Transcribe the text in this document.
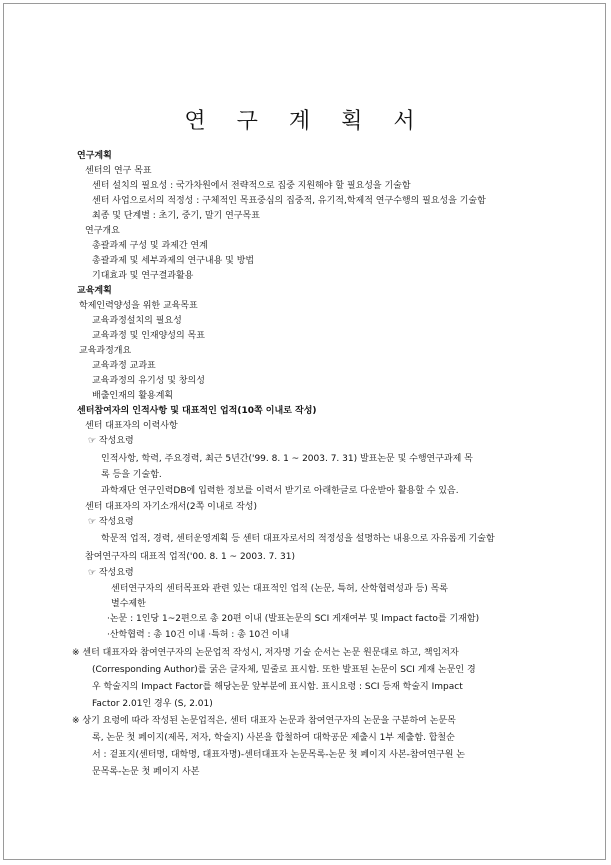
연 구 계 획 서
연구계획
센터의 연구 목표
센터 설치의 필요성 : 국가차원에서 전략적으로 집중 지원해야 할 필요성을 기술함
센터 사업으로서의 적정성 : 구체적인 목표중심의 집중적, 유기적,학제적 연구수행의 필요성을 기술함
최종 및 단계별 : 초기, 중기, 말기 연구목표
연구개요
총괄과제 구성 및 과제간 연계
총괄과제 및 세부과제의 연구내용 및 방법
기대효과 및 연구결과활용
교육계획
학제인력양성을 위한 교육목표
교육과정설치의 필요성
교육과정 및 인재양성의 목표
교육과정개요
교육과정 교과표
교육과정의 유기성 및 창의성
배출인재의 활용계획
센터참여자의 인적사항 및 대표적인 업적(10쪽 이내로 작성)
센터 대표자의 이력사항
☞ 작성요령
인적사항, 학력, 주요경력, 최근 5년간('99. 8. 1 ~ 2003. 7. 31) 발표논문 및 수행연구과제 목
록 등을 기술함.
과학재단 연구인력DB에 입력한 정보를 이력서 받기로 아래한글로 다운받아 활용할 수 있음.
센터 대표자의 자기소개서(2쪽 이내로 작성)
☞ 작성요령
학문적 업적, 경력, 센터운영계획 등 센터 대표자로서의 적정성을 설명하는 내용으로 자유롭게 기술함
참여연구자의 대표적 업적('00. 8. 1 ~ 2003. 7. 31)
☞ 작성요령
센터연구자의 센터목표와 관련 있는 대표적인 업적 (논문, 특허, 산학협력성과 등) 목록
별수제한
·논문 : 1인당 1~2편으로 총 20편 이내 (발표논문의 SCI 게재여부 및 Impact facto를 기재함)
·산학협력 : 총 10건 이내 ·특허 : 총 10건 이내
※ 센터 대표자와 참여연구자의 논문업적 작성시, 저자명 기술 순서는 논문 원문대로 하고, 책임저자
(Corresponding Author)를 굵은 글자체, 밑줄로 표시함. 또한 발표된 논문이 SCI 게재 논문인 경
우 학술지의 Impact Factor를 해당논문 앞부분에 표시함. 표시요령 : SCI 등재 학술지 Impact
Factor 2.01인 경우 (S, 2.01)
※ 상기 요령에 따라 작성된 논문업적은, 센터 대표자 논문과 참여연구자의 논문을 구분하여 논문목
록, 논문 첫 페이지(제목, 저자, 학술지) 사본을 합철하여 대학공문 제출시 1부 제출함. 합철순
서 : 겉표지(센터명, 대학명, 대표자명)-센터대표자 논문목록-논문 첫 페이지 사본-참여연구원 논
문목록-논문 첫 페이지 사본
